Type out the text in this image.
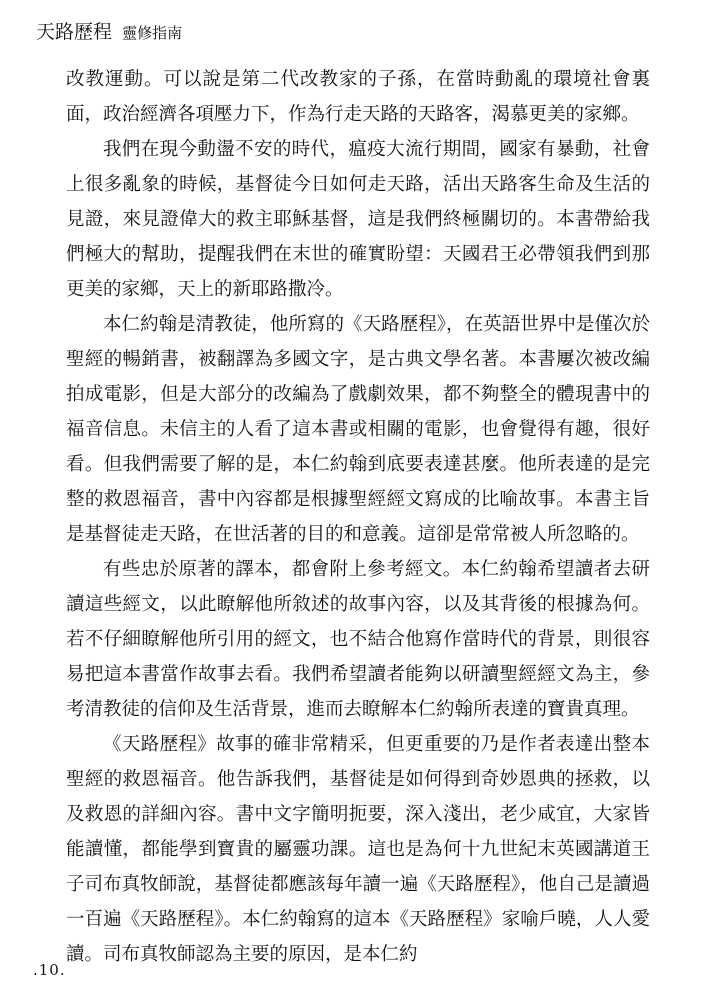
天路歷程 靈修指南

改教運動。可以說是第二代改教家的子孫，在當時動亂的環境社會裏面，政治經濟各項壓力下，作為行走天路的天路客，渴慕更美的家鄉。

我們在現今動盪不安的時代，瘟疫大流行期間，國家有暴動，社會上很多亂象的時候，基督徒今日如何走天路，活出天路客生命及生活的見證，來見證偉大的救主耶穌基督，這是我們終極關切的。本書帶給我們極大的幫助，提醒我們在末世的確實盼望：天國君王必帶領我們到那更美的家鄉，天上的新耶路撒冷。

本仁約翰是清教徒，他所寫的《天路歷程》，在英語世界中是僅次於聖經的暢銷書，被翻譯為多國文字，是古典文學名著。本書屢次被改編拍成電影，但是大部分的改編為了戲劇效果，都不夠整全的體現書中的福音信息。未信主的人看了這本書或相關的電影，也會覺得有趣，很好看。但我們需要了解的是，本仁約翰到底要表達甚麼。他所表達的是完整的救恩福音，書中內容都是根據聖經經文寫成的比喻故事。本書主旨是基督徒走天路，在世活著的目的和意義。這卻是常常被人所忽略的。

有些忠於原著的譯本，都會附上參考經文。本仁約翰希望讀者去研讀這些經文，以此瞭解他所敘述的故事內容，以及其背後的根據為何。若不仔細瞭解他所引用的經文，也不結合他寫作當時代的背景，則很容易把這本書當作故事去看。我們希望讀者能夠以研讀聖經經文為主，參考清教徒的信仰及生活背景，進而去瞭解本仁約翰所表達的寶貴真理。

《天路歷程》故事的確非常精采，但更重要的乃是作者表達出整本聖經的救恩福音。他告訴我們，基督徒是如何得到奇妙恩典的拯救，以及救恩的詳細內容。書中文字簡明扼要，深入淺出，老少咸宜，大家皆能讀懂，都能學到寶貴的屬靈功課。這也是為何十九世紀末英國講道王子司布真牧師說，基督徒都應該每年讀一遍《天路歷程》，他自己是讀過一百遍《天路歷程》。本仁約翰寫的這本《天路歷程》家喻戶曉，人人愛讀。司布真牧師認為主要的原因，是本仁約

.10.
